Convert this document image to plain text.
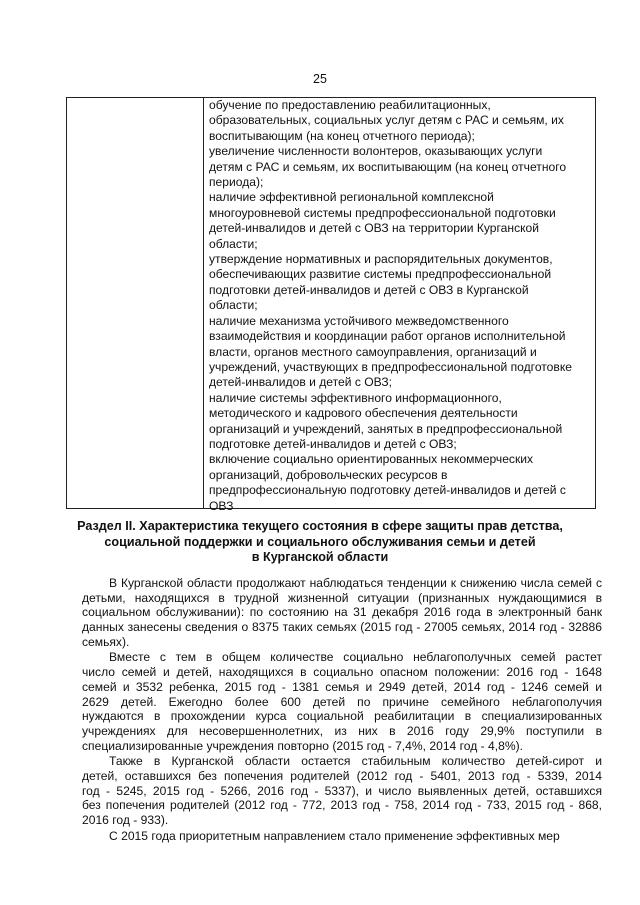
25
обучение по предоставлению реабилитационных,
образовательных, социальных услуг детям с РАС и семьям, их
воспитывающим (на конец отчетного периода);
увеличение численности волонтеров, оказывающих услуги
детям с РАС и семьям, их воспитывающим (на конец отчетного
периода);
наличие эффективной региональной комплексной
многоуровневой системы предпрофессиональной подготовки
детей-инвалидов и детей с ОВЗ на территории Курганской
области;
утверждение нормативных и распорядительных документов,
обеспечивающих развитие системы предпрофессиональной
подготовки детей-инвалидов и детей с ОВЗ в Курганской
области;
наличие механизма устойчивого межведомственного
взаимодействия и координации работ органов исполнительной
власти, органов местного самоуправления, организаций и
учреждений, участвующих в предпрофессиональной подготовке
детей-инвалидов и детей с ОВЗ;
наличие системы эффективного информационного,
методического и кадрового обеспечения деятельности
организаций и учреждений, занятых в предпрофессиональной
подготовке детей-инвалидов и детей с ОВЗ;
включение социально ориентированных некоммерческих
организаций, добровольческих ресурсов в
предпрофессиональную подготовку детей-инвалидов и детей с
ОВЗ
Раздел II. Характеристика текущего состояния в сфере защиты прав детства,
социальной поддержки и социального обслуживания семьи и детей
в Курганской области
В Курганской области продолжают наблюдаться тенденции к снижению числа семей с
детьми, находящихся в трудной жизненной ситуации (признанных нуждающимися в
социальном обслуживании): по состоянию на 31 декабря 2016 года в электронный банк
данных занесены сведения о 8375 таких семьях (2015 год - 27005 семьях, 2014 год - 32886
семьях).
Вместе с тем в общем количестве социально неблагополучных семей растет
число семей и детей, находящихся в социально опасном положении: 2016 год - 1648
семей и 3532 ребенка, 2015 год - 1381 семья и 2949 детей, 2014 год - 1246 семей и
2629 детей. Ежегодно более 600 детей по причине семейного неблагополучия
нуждаются в прохождении курса социальной реабилитации в специализированных
учреждениях для несовершеннолетних, из них в 2016 году 29,9% поступили в
специализированные учреждения повторно (2015 год - 7,4%, 2014 год - 4,8%).
Также в Курганской области остается стабильным количество детей-сирот и
детей, оставшихся без попечения родителей (2012 год - 5401, 2013 год - 5339, 2014
год - 5245, 2015 год - 5266, 2016 год - 5337), и число выявленных детей, оставшихся
без попечения родителей (2012 год - 772, 2013 год - 758, 2014 год - 733, 2015 год - 868,
2016 год - 933).
С 2015 года приоритетным направлением стало применение эффективных мер
